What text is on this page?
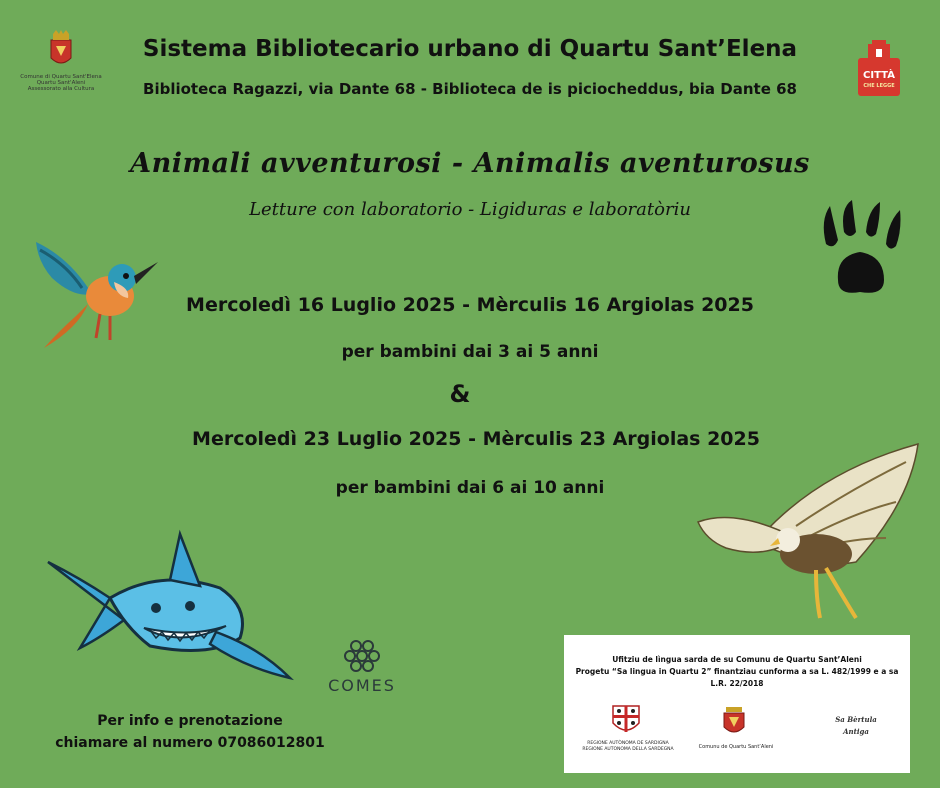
Comune di Quartu Sant'Elena
Quartu Sant'Aleni
Assessorato alla Cultura
CITTÀ
CHE LEGGE
Sistema Bibliotecario urbano di Quartu Sant’Elena
Biblioteca Ragazzi, via Dante 68 - Biblioteca de is piciocheddus, bia Dante 68
Animali avventurosi - Animalis aventurosus
Letture con laboratorio - Ligiduras e laboratòriu
Mercoledì 16 Luglio 2025 - Mèrculis 16 Argiolas 2025
per bambini dai 3 ai 5 anni
&
Mercoledì 23 Luglio 2025 - Mèrculis 23 Argiolas 2025
per bambini dai 6 ai 10 anni
COMES
Per info e prenotazione
chiamare al numero 07086012801
Ufitziu de lìngua sarda de su Comunu de Quartu Sant’Aleni
Progetu “Sa lingua in Quartu 2” finantziau cunforma a sa L. 482/1999 e a sa
L.R. 22/2018
REGIONE AUTÒNOMA DE SARDIGNA
REGIONE AUTONOMA DELLA SARDEGNA	Comunu de Quartu Sant’Aleni
Sa Bèrtula
Antiga
